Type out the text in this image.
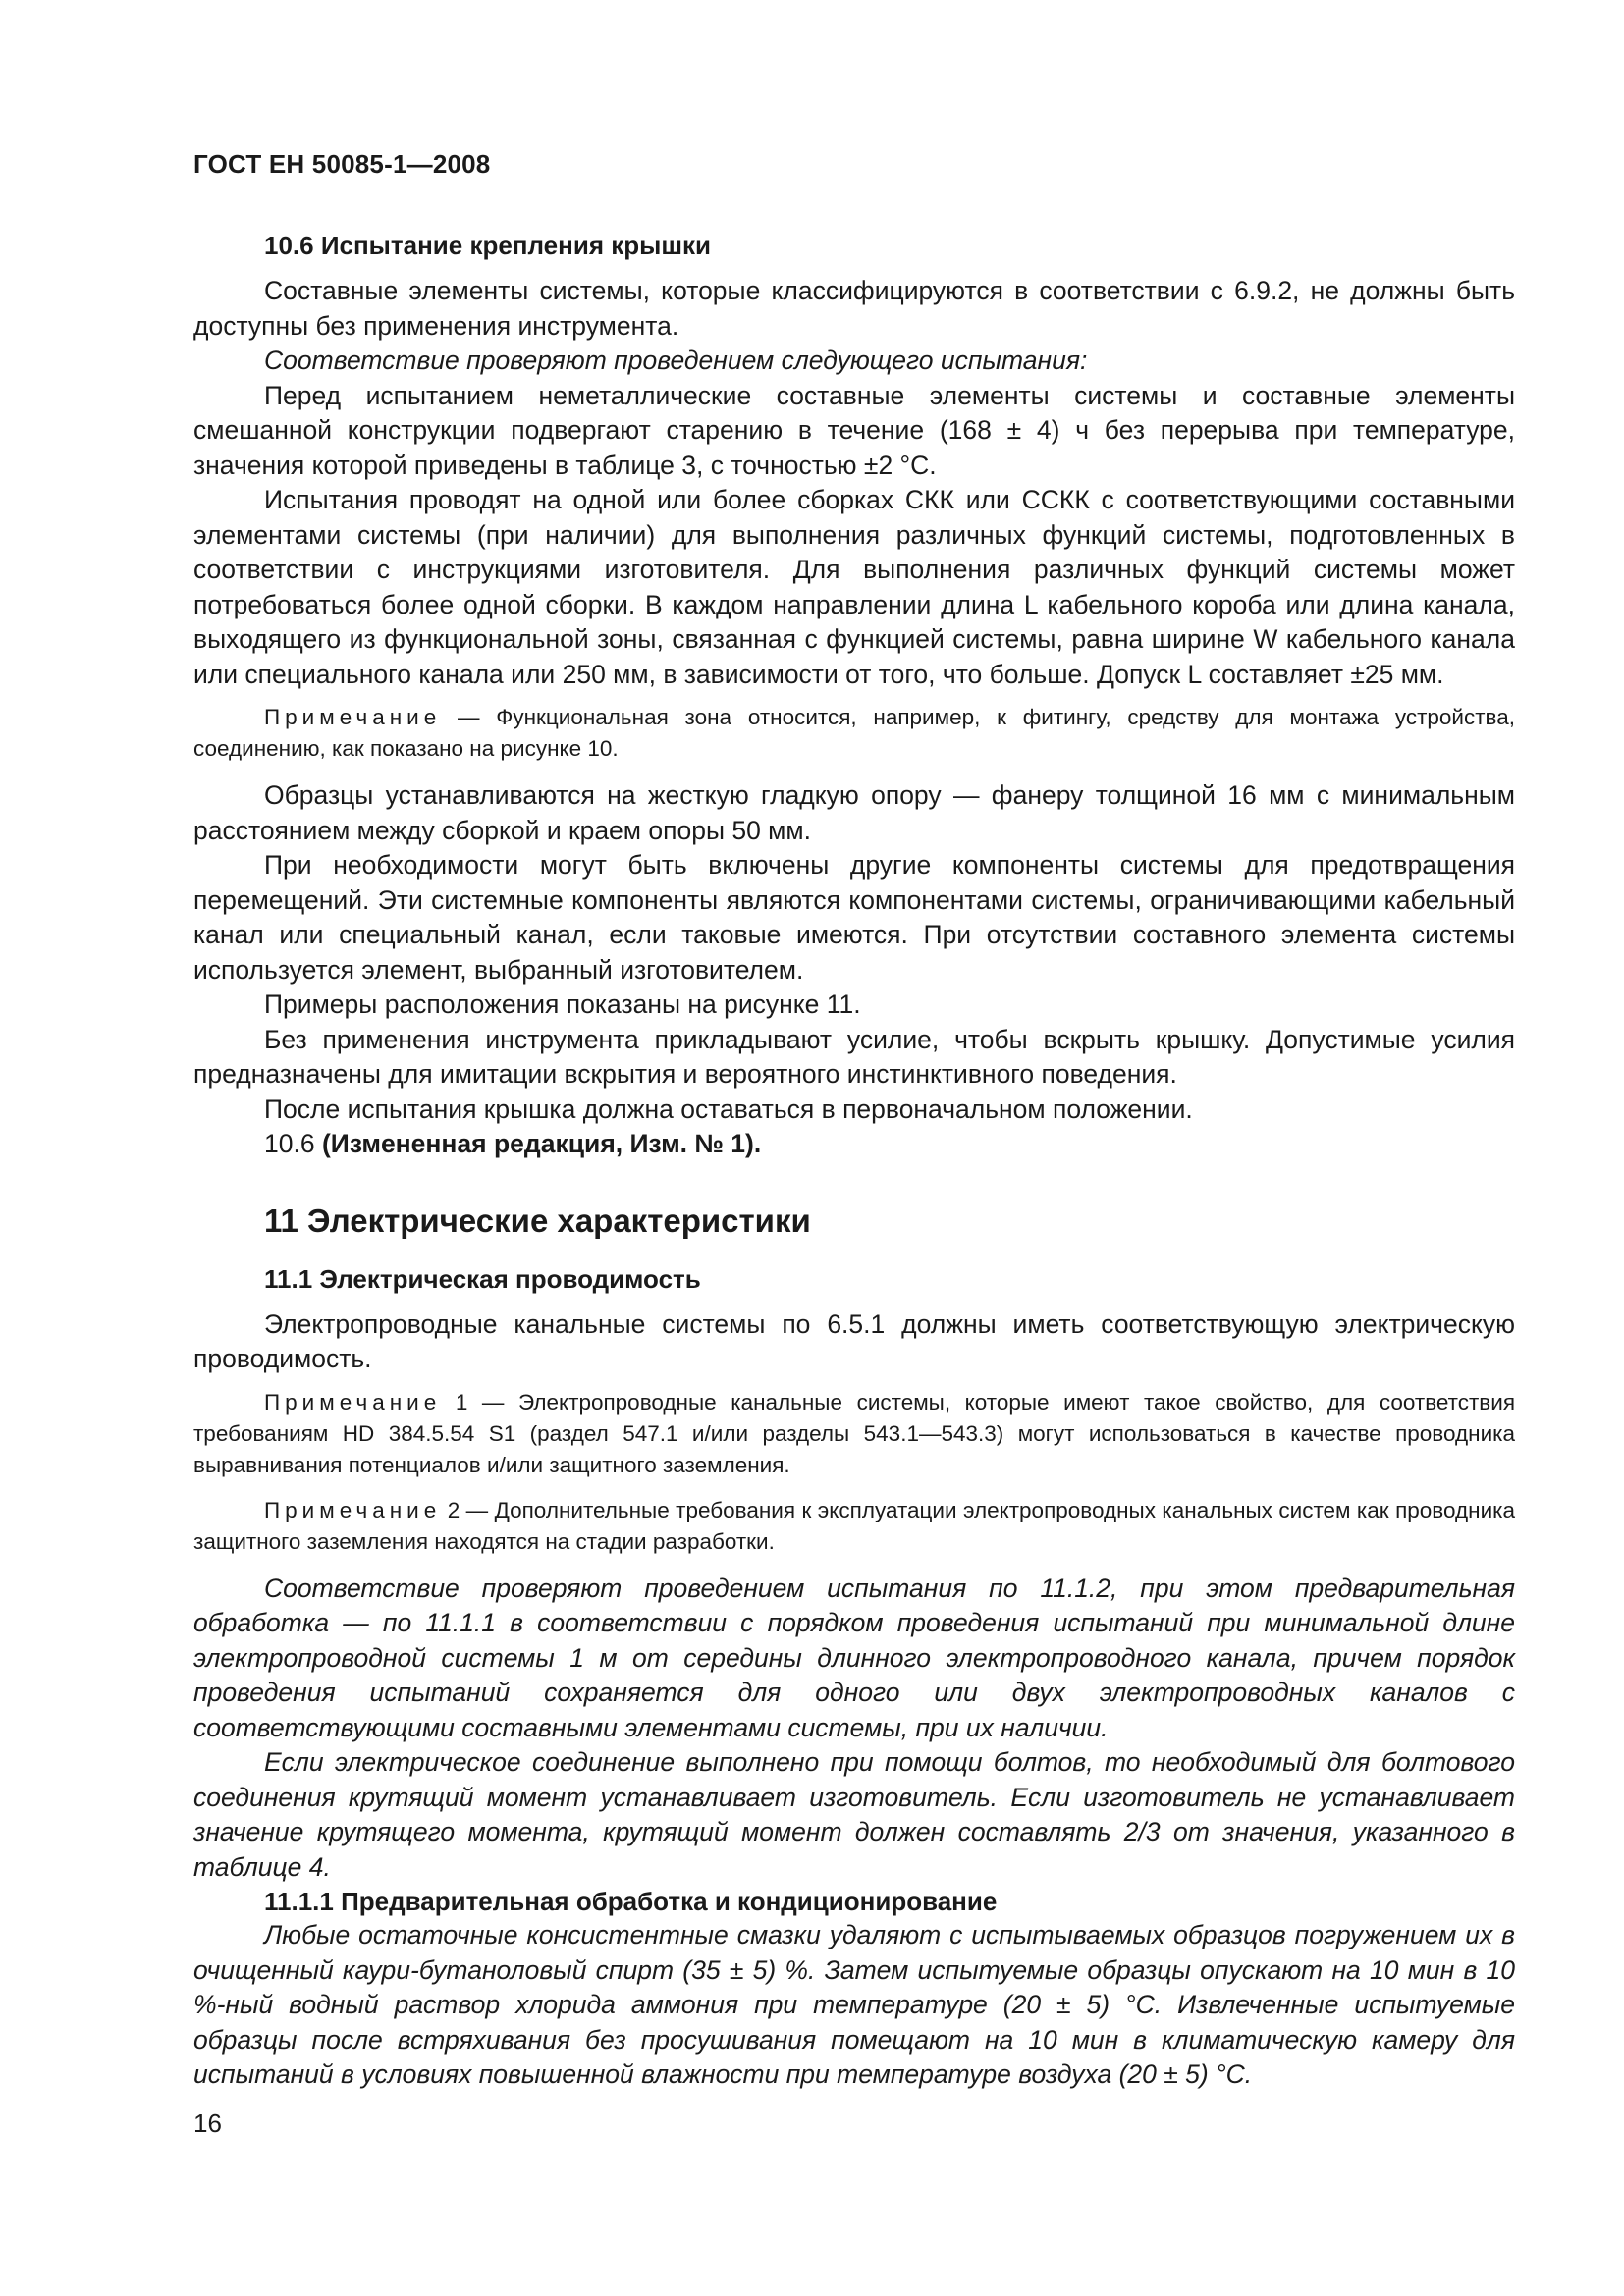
ГОСТ ЕН 50085-1—2008
10.6 Испытание крепления крышки

Составные элементы системы, которые классифицируются в соответствии с 6.9.2, не должны быть доступны без применения инструмента.

Соответствие проверяют проведением следующего испытания:

Перед испытанием неметаллические составные элементы системы и составные элементы смешанной конструкции подвергают старению в течение (168 ± 4) ч без перерыва при температуре, значения которой приведены в таблице 3, с точностью ±2 °С.

Испытания проводят на одной или более сборках СКК или ССКК с соответствующими составными элементами системы (при наличии) для выполнения различных функций системы, подготовленных в соответствии с инструкциями изготовителя. Для выполнения различных функций системы может потребоваться более одной сборки. В каждом направлении длина L кабельного короба или длина канала, выходящего из функциональной зоны, связанная с функцией системы, равна ширине W кабельного канала или специального канала или 250 мм, в зависимости от того, что больше. Допуск L составляет ±25 мм.

Примечание — Функциональная зона относится, например, к фитингу, средству для монтажа устройства, соединению, как показано на рисунке 10.

Образцы устанавливаются на жесткую гладкую опору — фанеру толщиной 16 мм с минимальным расстоянием между сборкой и краем опоры 50 мм.

При необходимости могут быть включены другие компоненты системы для предотвращения перемещений. Эти системные компоненты являются компонентами системы, ограничивающими кабельный канал или специальный канал, если таковые имеются. При отсутствии составного элемента системы используется элемент, выбранный изготовителем.

Примеры расположения показаны на рисунке 11.

Без применения инструмента прикладывают усилие, чтобы вскрыть крышку. Допустимые усилия предназначены для имитации вскрытия и вероятного инстинктивного поведения.

После испытания крышка должна оставаться в первоначальном положении.

10.6 (Измененная редакция, Изм. № 1).

11 Электрические характеристики
11.1 Электрическая проводимость

Электропроводные канальные системы по 6.5.1 должны иметь соответствующую электрическую проводимость.

Примечание 1 — Электропроводные канальные системы, которые имеют такое свойство, для соответствия требованиям HD 384.5.54 S1 (раздел 547.1 и/или разделы 543.1—543.3) могут использоваться в качестве проводника выравнивания потенциалов и/или защитного заземления.

Примечание 2 — Дополнительные требования к эксплуатации электропроводных канальных систем как проводника защитного заземления находятся на стадии разработки.

Соответствие проверяют проведением испытания по 11.1.2, при этом предварительная обработка — по 11.1.1 в соответствии с порядком проведения испытаний при минимальной длине электропроводной системы 1 м от середины длинного электропроводного канала, причем порядок проведения испытаний сохраняется для одного или двух электропроводных каналов с соответствующими составными элементами системы, при их наличии.

Если электрическое соединение выполнено при помощи болтов, то необходимый для болтового соединения крутящий момент устанавливает изготовитель. Если изготовитель не устанавливает значение крутящего момента, крутящий момент должен составлять 2/3 от значения, указанного в таблице 4.

11.1.1 Предварительная обработка и кондиционирование

Любые остаточные консистентные смазки удаляют с испытываемых образцов погружением их в очищенный каури-бутаноловый спирт (35 ± 5) %. Затем испытуемые образцы опускают на 10 мин в 10 %-ный водный раствор хлорида аммония при температуре (20 ± 5) °С. Извлеченные испытуемые образцы после встряхивания без просушивания помещают на 10 мин в климатическую камеру для испытаний в условиях повышенной влажности при температуре воздуха (20 ± 5) °С.

16
